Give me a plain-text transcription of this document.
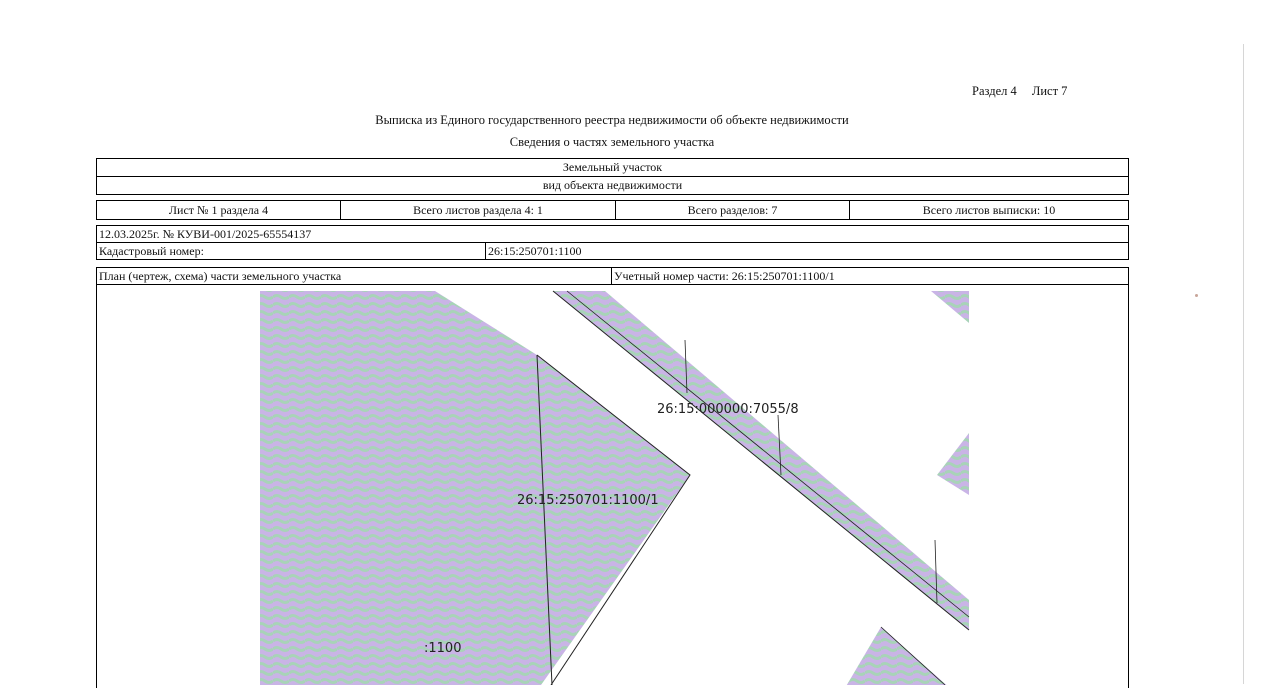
Раздел 4 Лист 7
Выписка из Единого государственного реестра недвижимости об объекте недвижимости
Сведения о частях земельного участка
Земельный участок
вид объекта недвижимости
Лист № 1 раздела 4	Всего листов раздела 4: 1	Всего разделов: 7	Всего листов выписки: 10
12.03.2025г. № КУВИ-001/2025-65554137
Кадастровый номер:	26:15:250701:1100
План (чертеж, схема) части земельного участка	Учетный номер части: 26:15:250701:1100/1
26:15:000000:7055/8
26:15:250701:1100/1
:1100
